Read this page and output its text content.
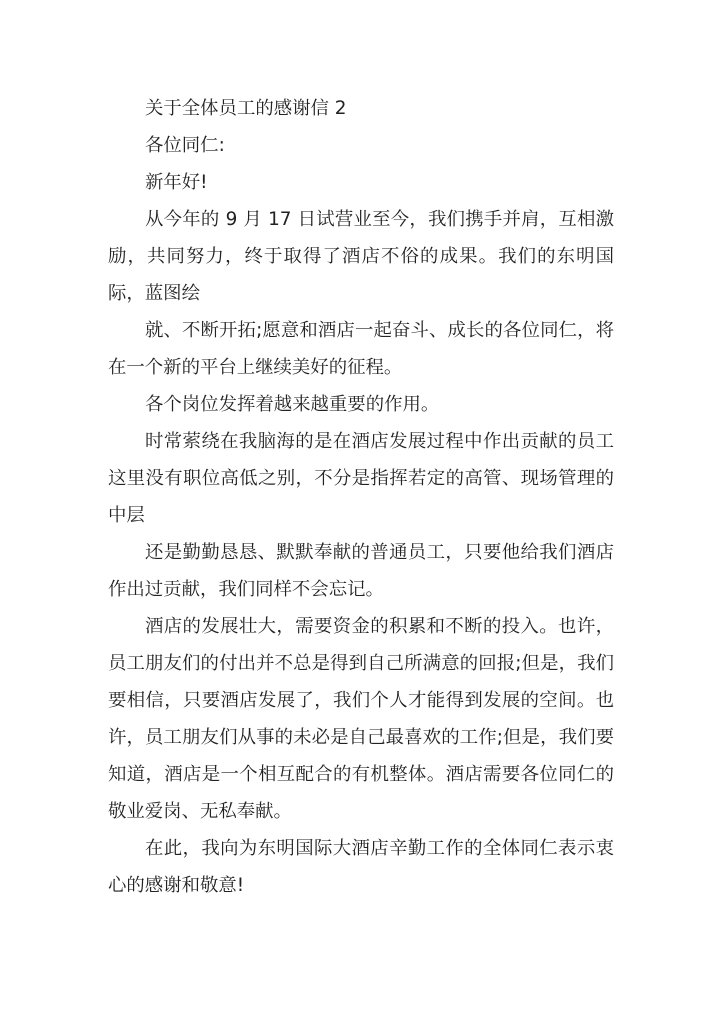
关于全体员工的感谢信 2

各位同仁:

新年好!

从今年的 9 月 17 日试营业至今，我们携手并肩，互相激励，共同努力，终于取得了酒店不俗的成果。我们的东明国际，蓝图绘

就、不断开拓;愿意和酒店一起奋斗、成长的各位同仁，将在一个新的平台上继续美好的征程。

各个岗位发挥着越来越重要的作用。

时常萦绕在我脑海的是在酒店发展过程中作出贡献的员工这里没有职位高低之别，不分是指挥若定的高管、现场管理的中层

还是勤勤恳恳、默默奉献的普通员工，只要他给我们酒店作出过贡献，我们同样不会忘记。

酒店的发展壮大，需要资金的积累和不断的投入。也许，员工朋友们的付出并不总是得到自己所满意的回报;但是，我们要相信，只要酒店发展了，我们个人才能得到发展的空间。也许，员工朋友们从事的未必是自己最喜欢的工作;但是，我们要知道，酒店是一个相互配合的有机整体。酒店需要各位同仁的敬业爱岗、无私奉献。

在此，我向为东明国际大酒店辛勤工作的全体同仁表示衷心的感谢和敬意!
